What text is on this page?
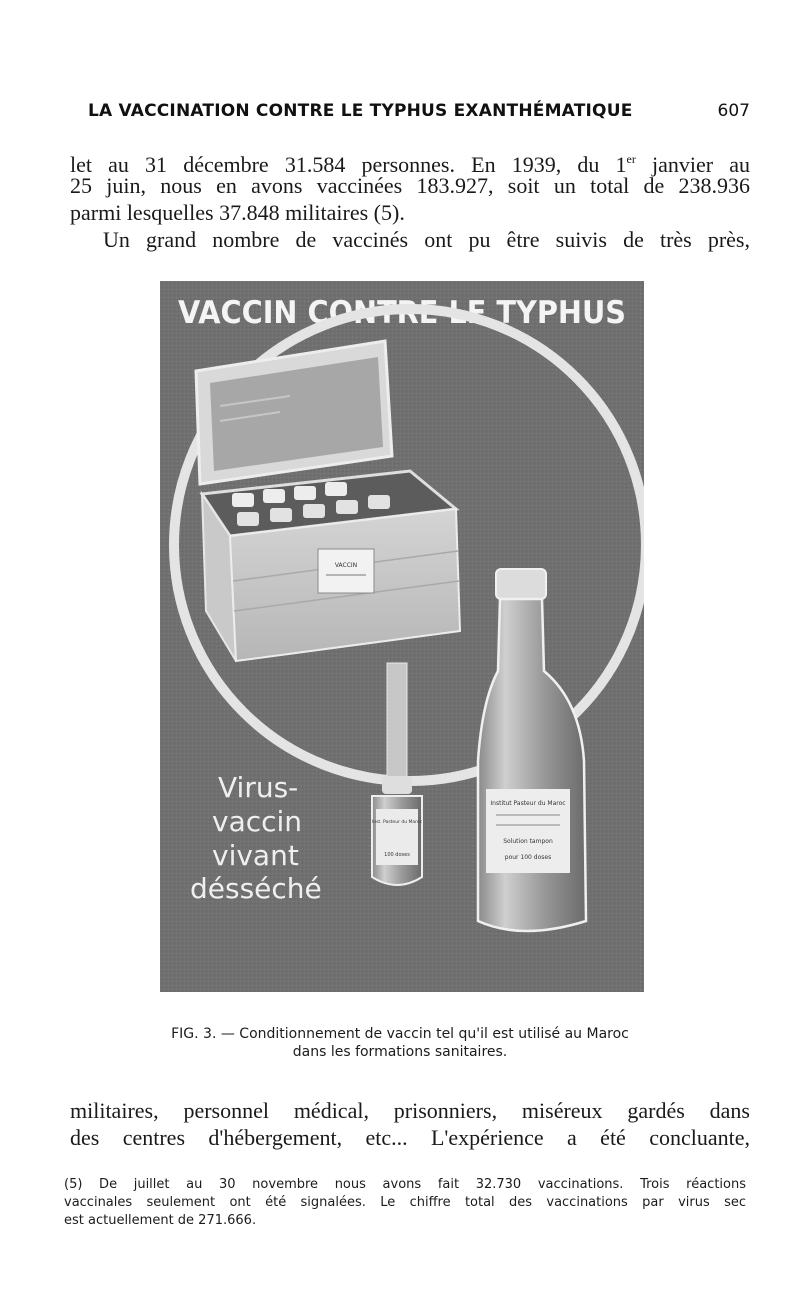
LA VACCINATION CONTRE LE TYPHUS EXANTHÉMATIQUE	607
let au 31 décembre 31.584 personnes. En 1939, du 1er janvier au
25 juin, nous en avons vaccinées 183.927, soit un total de 238.936
parmi lesquelles 37.848 militaires (5).
Un grand nombre de vaccinés ont pu être suivis de très près,
VACCIN CONTRE LE TYPHUS
VACCIN
Inst. Pasteur du Maroc
100 doses
Institut Pasteur du Maroc
Solution tampon
pour 100 doses
Virus-
vaccin
vivant
désséché
FIG. 3. — Conditionnement de vaccin tel qu'il est utilisé au Maroc
dans les formations sanitaires.
militaires, personnel médical, prisonniers, miséreux gardés dans
des centres d'hébergement, etc... L'expérience a été concluante,
(5) De juillet au 30 novembre nous avons fait 32.730 vaccinations. Trois réactions
vaccinales seulement ont été signalées. Le chiffre total des vaccinations par virus sec
est actuellement de 271.666.
